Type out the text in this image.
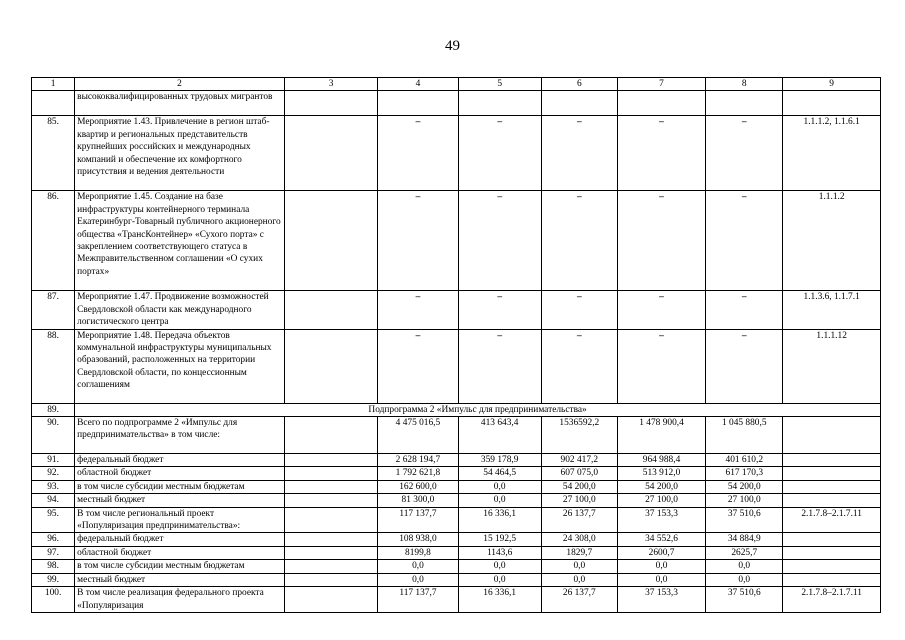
49
1	2	3	4	5	6	7	8	9
	высококвалифицированных трудовых мигрантов							
85.	Мероприятие 1.43. Привлечение в регион штаб-квартир и региональных представительств крупнейших российских и международных компаний и обеспечение их комфортного присутствия и ведения деятельности		–	–	–	–	–	1.1.1.2, 1.1.6.1
86.	Мероприятие 1.45. Создание на базе инфраструктуры контейнерного терминала Екатеринбург-Товарный публичного акционерного общества «ТрансКонтейнер» «Сухого порта» с закреплением соответствующего статуса в Межправительственном соглашении «О сухих портах»		–	–	–	–	–	1.1.1.2
87.	Мероприятие 1.47. Продвижение возможностей Свердловской области как международного логистического центра		–	–	–	–	–	1.1.3.6, 1.1.7.1
88.	Мероприятие 1.48. Передача объектов коммунальной инфраструктуры муниципальных образований, расположенных на территории Свердловской области, по концессионным соглашениям		–	–	–	–	–	1.1.1.12
89.	Подпрограмма 2 «Импульс для предпринимательства»							
90.	Всего по подпрограмме 2 «Импульс для предпринимательства» в том числе:		4 475 016,5	413 643,4	1536592,2	1 478 900,4	1 045 880,5	
91.	федеральный бюджет		2 628 194,7	359 178,9	902 417,2	964 988,4	401 610,2	
92.	областной бюджет		1 792 621,8	54 464,5	607 075,0	513 912,0	617 170,3	
93.	в том числе субсидии местным бюджетам		162 600,0	0,0	54 200,0	54 200,0	54 200,0	
94.	местный бюджет		81 300,0	0,0	27 100,0	27 100,0	27 100,0	
95.	В том числе региональный проект «Популяризация предпринимательства»:		117 137,7	16 336,1	26 137,7	37 153,3	37 510,6	2.1.7.8–2.1.7.11
96.	федеральный бюджет		108 938,0	15 192,5	24 308,0	34 552,6	34 884,9	
97.	областной бюджет		8199,8	1143,6	1829,7	2600,7	2625,7	
98.	в том числе субсидии местным бюджетам		0,0	0,0	0,0	0,0	0,0	
99.	местный бюджет		0,0	0,0	0,0	0,0	0,0	
100.	В том числе реализация федерального проекта «Популяризация		117 137,7	16 336,1	26 137,7	37 153,3	37 510,6	2.1.7.8–2.1.7.11
